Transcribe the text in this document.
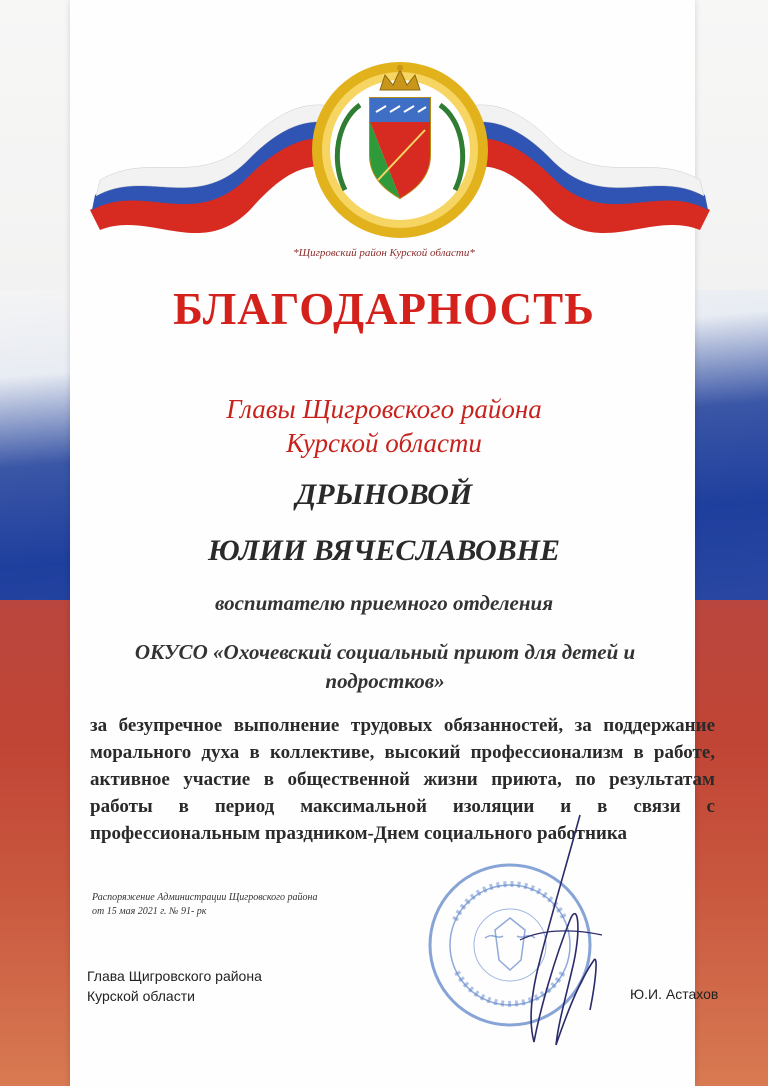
*Щигровский район Курской области*
БЛАГОДАРНОСТЬ
Главы Щигровского района
Курской области
ДРЫНОВОЙ
ЮЛИИ ВЯЧЕСЛАВОВНЕ
воспитателю приемного отделения
ОКУСО «Охочевский социальный приют для детей и подростков»
за безупречное выполнение трудовых обязанностей, за поддержание морального духа в коллективе, высокий профессионализм в работе, активное участие в общественной жизни приюта, по результатам работы в период максимальной изоляции и в связи с профессиональным праздником-Днем социального работника
Распоряжение Администрации Щигровского района
от 15 мая 2021 г. № 91- рк
Глава Щигровского района
Курской области	Ю.И. Астахов
